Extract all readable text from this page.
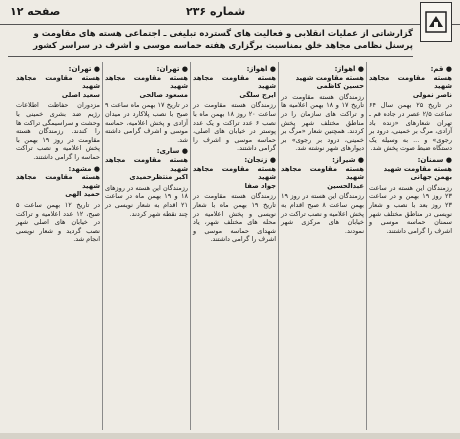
صفحه ۱۲	شماره ۲۳۶
گزارشاتی از عملیات انقلابی و فعالیت های گسترده تبلیغی ـ اجتماعی هسته های مقاومت و پرسنل نظامی مجاهد خلق بمناسبت برگزاری هفته حماسه موسی و اشرف در سراسر کشور
● قم:
هسته مقاومت مجاهد شهید
ناصر نمولی

در تاریخ ۲۵ بهمن سال ۶۴ ساعت ۲/۵ عصر در جاده قم ـ تهران شعارهای «زنده باد آزادی، مرگ بر خمینی، درود بر رجوی» و ... به وسیله یک دستگاه ضبط صوت پخش شد.

● سمنان:
هسته مقاومت شهید
بهمن جهانی

رزمندگان این هسته در ساعت ۲۳ روز ۱۹ بهمن و در ساعت ۲۳ روز بعد با نصب و شعار نویسی در مناطق مختلف شهر سمنان حماسه موسی و اشرف را گرامی داشتند.

● اهواز:
هسته مقاومت شهید
حسین کاظمی

رزمندگان هسته مقاومت در تاریخ ۱۷ و ۱۸ بهمن اعلامیه ها و تراکت های سازمان را در مناطق مختلف شهر پخش کردند. همچنین شعار «مرگ بر خمینی، درود بر رجوی» بر دیوارهای شهر نوشته شد.

● شیراز:
هسته مقاومت مجاهد شهید
عبدالحسین

رزمندگان این هسته در روز ۱۹ بهمن ساعت ۸ صبح اقدام به پخش اعلامیه و نصب تراکت در خیابان های مرکزی شهر نمودند.

● اهواز:
هسته مقاومت مجاهد شهید
ایرج سلگی

رزمندگان هسته مقاومت در ساعت ۲۰ روز ۱۸ بهمن ماه با نصب ۶ عدد تراکت و یک عدد پوستر در خیابان های اصلی، حماسه موسی و اشرف را گرامی داشتند.

● زنجان:
هسته مقاومت مجاهد شهید
جواد صفا

رزمندگان هسته مقاومت در تاریخ ۱۹ بهمن ماه با شعار نویسی و پخش اعلامیه در محله های مختلف شهر، یاد شهدای حماسه موسی و اشرف را گرامی داشتند.

● تهران:
هسته مقاومت مجاهد شهید
مسعود صالحی

در تاریخ ۱۷ بهمن ماه ساعت ۹ صبح با نصب پلاکارد در میدان آزادی و پخش اعلامیه، حماسه موسی و اشرف گرامی داشته شد.

● ساری:
هسته مقاومت مجاهد شهید
اکبر منتظرحمیدی

رزمندگان این هسته در روزهای ۱۸ و ۱۹ بهمن ماه در ساعت ۲۱ اقدام به شعار نویسی در چند نقطه شهر کردند.

● تهران:
هسته مقاومت مجاهد شهید
سعید اصلی

مزدوران حفاظت اطلاعات رژیم ضد بشری خمینی با وحشت و سراسیمگی تراکت ها را کندند. رزمندگان هسته مقاومت در روز ۱۹ بهمن با پخش اعلامیه و نصب تراکت حماسه را گرامی داشتند.

● مشهد:
هسته مقاومت مجاهد شهید
حمید الهی

در تاریخ ۱۲ بهمن ساعت ۵ صبح، ۱۲ عدد اعلامیه و تراکت در خیابان های اصلی شهر نصب گردید و شعار نویسی انجام شد.
